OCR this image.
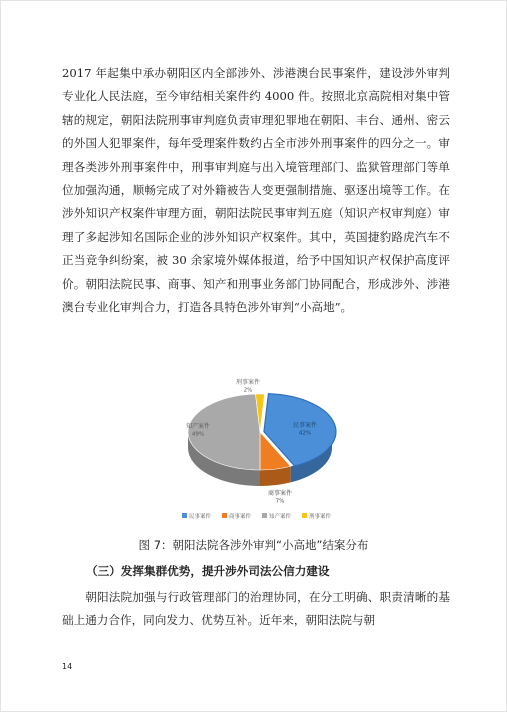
2017 年起集中承办朝阳区内全部涉外、涉港澳台民事案件，建设涉外审判专业化人民法庭，至今审结相关案件约 4000 件。按照北京高院相对集中管辖的规定，朝阳法院刑事审判庭负责审理犯罪地在朝阳、丰台、通州、密云的外国人犯罪案件，每年受理案件数约占全市涉外刑事案件的四分之一。审理各类涉外刑事案件中，刑事审判庭与出入境管理部门、监狱管理部门等单位加强沟通，顺畅完成了对外籍被告人变更强制措施、驱逐出境等工作。在涉外知识产权案件审理方面，朝阳法院民事审判五庭（知识产权审判庭）审理了多起涉知名国际企业的涉外知识产权案件。其中，英国捷豹路虎汽车不正当竞争纠纷案，被 30 余家境外媒体报道，给予中国知识产权保护高度评价。朝阳法院民事、商事、知产和刑事业务部门协同配合，形成涉外、涉港澳台专业化审判合力，打造各具特色涉外审判“小高地”。

民事案件
42%
商事案件
7%
知产案件
49%
刑事案件
2%
民事案件	商事案件	知产案件	刑事案件
图 7：朝阳法院各涉外审判“小高地”结案分布
（三）发挥集群优势，提升涉外司法公信力建设

朝阳法院加强与行政管理部门的治理协同，在分工明确、职责清晰的基础上通力合作，同向发力、优势互补。近年来，朝阳法院与朝

14
